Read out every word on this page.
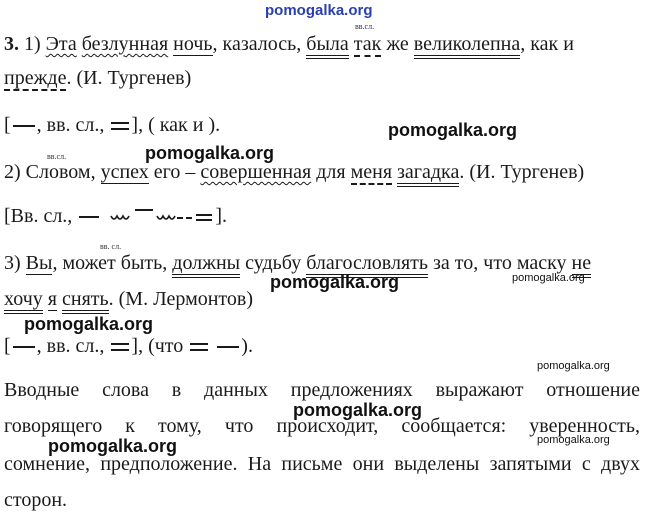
pomogalka.org
вв.сл.
3. 1) Эта безлунная ночь, казалось, была так же великолепна, как и
прежде. (И. Тургенев)
[ , вв. сл., ], ( как и ).	pomogalka.org
вв.сл.	pomogalka.org
2) Словом, успех его – совершенная для меня загадка. (И. Тургенев)
[Вв. сл.,	].
вв. сл.
3) Вы, может быть, должны судьбу благословлять за то, что маску не
pomogalka.org
хочу я снять. (М. Лермонтов)
pomogalka.org
pomogalka.org
[ , вв. сл., ], (что	).
pomogalka.org
Вводные слова в данных предложениях выражают отношение
pomogalka.org
говорящего к тому, что происходит, сообщается: уверенность,
pomogalka.org
pomogalka.org
сомнение, предположение. На письме они выделены запятыми с двух
сторон.
